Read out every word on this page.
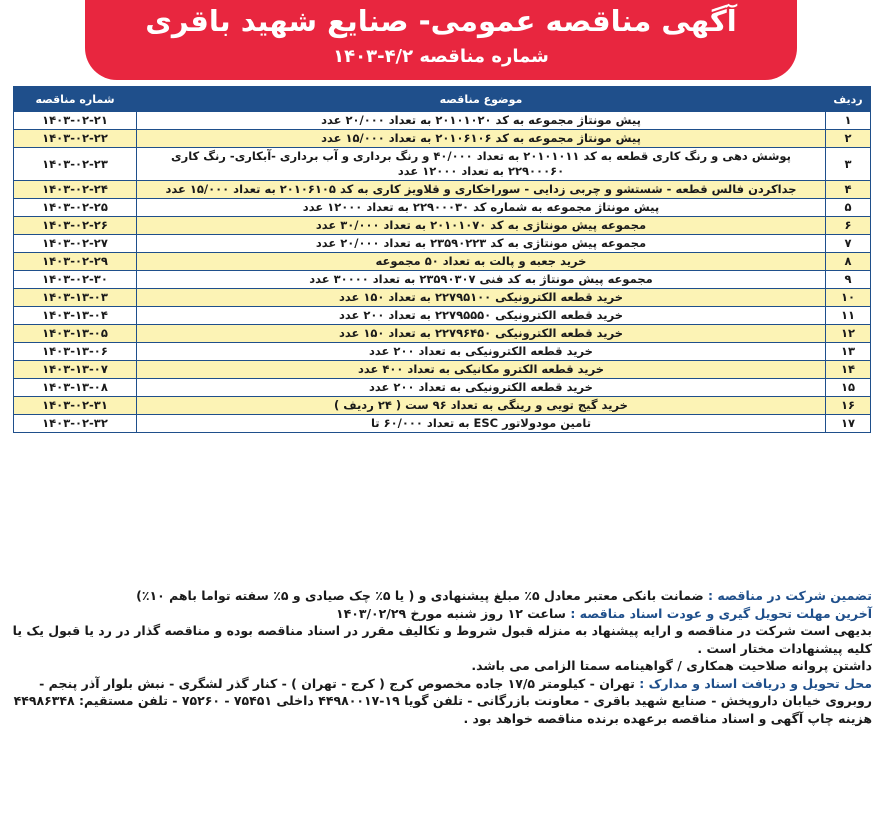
آگهی مناقصه عمومی- صنایع شهید باقری
شماره مناقصه ۴/۲-۱۴۰۳
ردیف	موضوع مناقصه	شماره مناقصه
۱	پیش مونتاژ مجموعه به کد ۲۰۱۰۱۰۲۰ به تعداد ۲۰/۰۰۰ عدد	۱۴۰۳-۰۲-۲۱
۲	پیش مونتاژ مجموعه به کد ۲۰۱۰۶۱۰۶ به تعداد ۱۵/۰۰۰ عدد	۱۴۰۳-۰۲-۲۲
۳	پوشش دهی و رنگ کاری قطعه به کد ۲۰۱۰۱۰۱۱ به تعداد ۴۰/۰۰۰ و رنگ برداری و آب برداری -آبکاری- رنگ کاری ۲۲۹۰۰۰۶۰ به تعداد ۱۲۰۰۰ عدد	۱۴۰۳-۰۲-۲۳
۴	جداکردن فالس قطعه - شستشو و چربی زدایی - سوراخکاری و قلاویز کاری به کد ۲۰۱۰۶۱۰۵ به تعداد ۱۵/۰۰۰ عدد	۱۴۰۳-۰۲-۲۴
۵	پیش مونتاژ مجموعه به شماره کد ۲۲۹۰۰۰۳۰ به تعداد ۱۲۰۰۰ عدد	۱۴۰۳-۰۲-۲۵
۶	مجموعه پیش مونتاژی به کد ۲۰۱۰۱۰۷۰ به تعداد ۳۰/۰۰۰ عدد	۱۴۰۳-۰۲-۲۶
۷	مجموعه پیش مونتاژی به کد ۲۳۵۹۰۲۲۳ به تعداد ۲۰/۰۰۰ عدد	۱۴۰۳-۰۲-۲۷
۸	خرید جعبه و پالت به تعداد ۵۰ مجموعه	۱۴۰۳-۰۲-۲۹
۹	مجموعه پیش مونتاژ به کد فنی ۲۳۵۹۰۳۰۷ به تعداد ۳۰۰۰۰ عدد	۱۴۰۳-۰۲-۳۰
۱۰	خرید قطعه الکترونیکی ۲۲۷۹۵۱۰۰ به تعداد ۱۵۰ عدد	۱۴۰۳-۱۳-۰۳
۱۱	خرید قطعه الکترونیکی ۲۲۷۹۵۵۵۰ به تعداد ۲۰۰ عدد	۱۴۰۳-۱۳-۰۴
۱۲	خرید قطعه الکترونیکی ۲۲۷۹۶۴۵۰ به تعداد ۱۵۰ عدد	۱۴۰۳-۱۳-۰۵
۱۳	خرید قطعه الکترونیکی به تعداد ۲۰۰ عدد	۱۴۰۳-۱۳-۰۶
۱۴	خرید قطعه الکترو مکانیکی به تعداد ۴۰۰ عدد	۱۴۰۳-۱۳-۰۷
۱۵	خرید قطعه الکترونیکی به تعداد ۲۰۰ عدد	۱۴۰۳-۱۳-۰۸
۱۶	خرید گیج تویی و رینگی به تعداد ۹۶ ست ( ۲۴ ردیف )	۱۴۰۳-۰۲-۳۱
۱۷	تامین مودولاتور ESC به تعداد ۶۰/۰۰۰ تا	۱۴۰۳-۰۲-۳۲

تضمین شرکت در مناقصه : ضمانت بانکی معتبر معادل ۵٪ مبلغ پیشنهادی و ( یا ۵٪ چک صیادی و ۵٪ سفته تواما باهم ۱۰٪)

آخرین مهلت تحویل گیری و عودت اسناد مناقصه : ساعت ۱۲ روز شنبه مورخ ۱۴۰۳/۰۲/۲۹

بدیهی است شرکت در مناقصه و ارایه پیشنهاد به منزله قبول شروط و تکالیف مقرر در اسناد مناقصه بوده و مناقصه گذار در رد یا قبول یک یا کلیه پیشنهادات مختار است .

داشتن پروانه صلاحیت همکاری / گواهینامه سمتا الزامی می باشد.

محل تحویل و دریافت اسناد و مدارک : تهران - کیلومتر ۱۷/۵ جاده مخصوص کرج ( کرج - تهران ) - کنار گذر لشگری - نبش بلوار آذر پنجم - روبروی خیابان داروپخش - صنایع شهید باقری - معاونت بازرگانی - تلفن گویا ۱۹-۴۴۹۸۰۰۱۷ داخلی ۷۵۴۵۱ - ۷۵۲۶۰ - تلفن مستقیم: ۴۴۹۸۶۳۴۸

هزینه چاپ آگهی و اسناد مناقصه برعهده برنده مناقصه خواهد بود .
